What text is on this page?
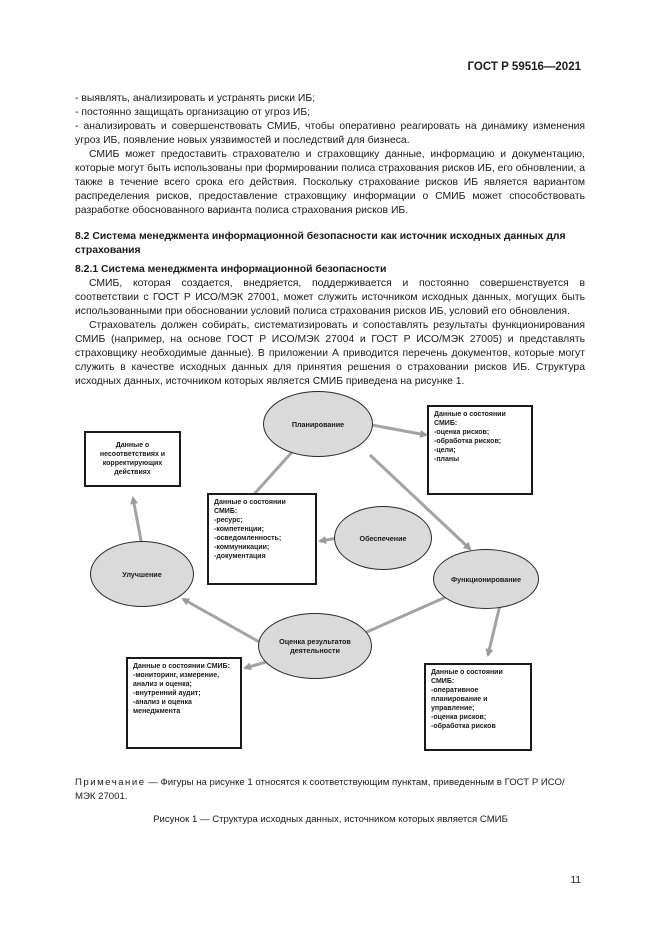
ГОСТ Р 59516—2021

- выявлять, анализировать и устранять риски ИБ;

- постоянно защищать организацию от угроз ИБ;

- анализировать и совершенствовать СМИБ, чтобы оперативно реагировать на динамику изменения угроз ИБ, появление новых уязвимостей и последствий для бизнеса.

СМИБ может предоставить страхователю и страховщику данные, информацию и документацию, которые могут быть использованы при формировании полиса страхования рисков ИБ, его обновлении, а также в течение всего срока его действия. Поскольку страхование рисков ИБ является вариантом распределения рисков, предоставление страховщику информации о СМИБ может способствовать разработке обоснованного варианта полиса страхования рисков ИБ.

8.2 Система менеджмента информационной безопасности как источник исходных данных для страхования
8.2.1 Система менеджмента информационной безопасности

СМИБ, которая создается, внедряется, поддерживается и постоянно совершенствуется в соответствии с ГОСТ Р ИСО/МЭК 27001, может служить источником исходных данных, могущих быть использованными при обосновании условий полиса страхования рисков ИБ, условий его обновления.

Страхователь должен собирать, систематизировать и сопоставлять результаты функционирования СМИБ (например, на основе ГОСТ Р ИСО/МЭК 27004 и ГОСТ Р ИСО/МЭК 27005) и представлять страховщику необходимые данные). В приложении А приводится перечень документов, которые могут служить в качестве исходных данных для принятия решения о страховании рисков ИБ. Структура исходных данных, источником которых является СМИБ приведена на рисунке 1.

Планирование
Обеспечение
Функционирование
Оценка результатов деятельности
Улучшение
Данные о несоответствиях и корректирующих действиях
Данные о состоянии СМИБ:
-оценка рисков;
-обработка рисков;
-цели;
-планы
Данные о состоянии СМИБ:
-ресурс;
-компетенции;
-осведомленность;
-коммуникации;
-документация
Данные о состоянии СМИБ:
-мониторинг, измерение, анализ и оценка;
-внутренний аудит;
-анализ и оценка менеджмента
Данные о состоянии СМИБ:
-оперативное планирование и управление;
-оценка рисков;
-обработка рисков
Примечание — Фигуры на рисунке 1 относятся к соответствующим пунктам, приведенным в ГОСТ Р ИСО/МЭК 27001.
Рисунок 1 — Структура исходных данных, источником которых является СМИБ
11
